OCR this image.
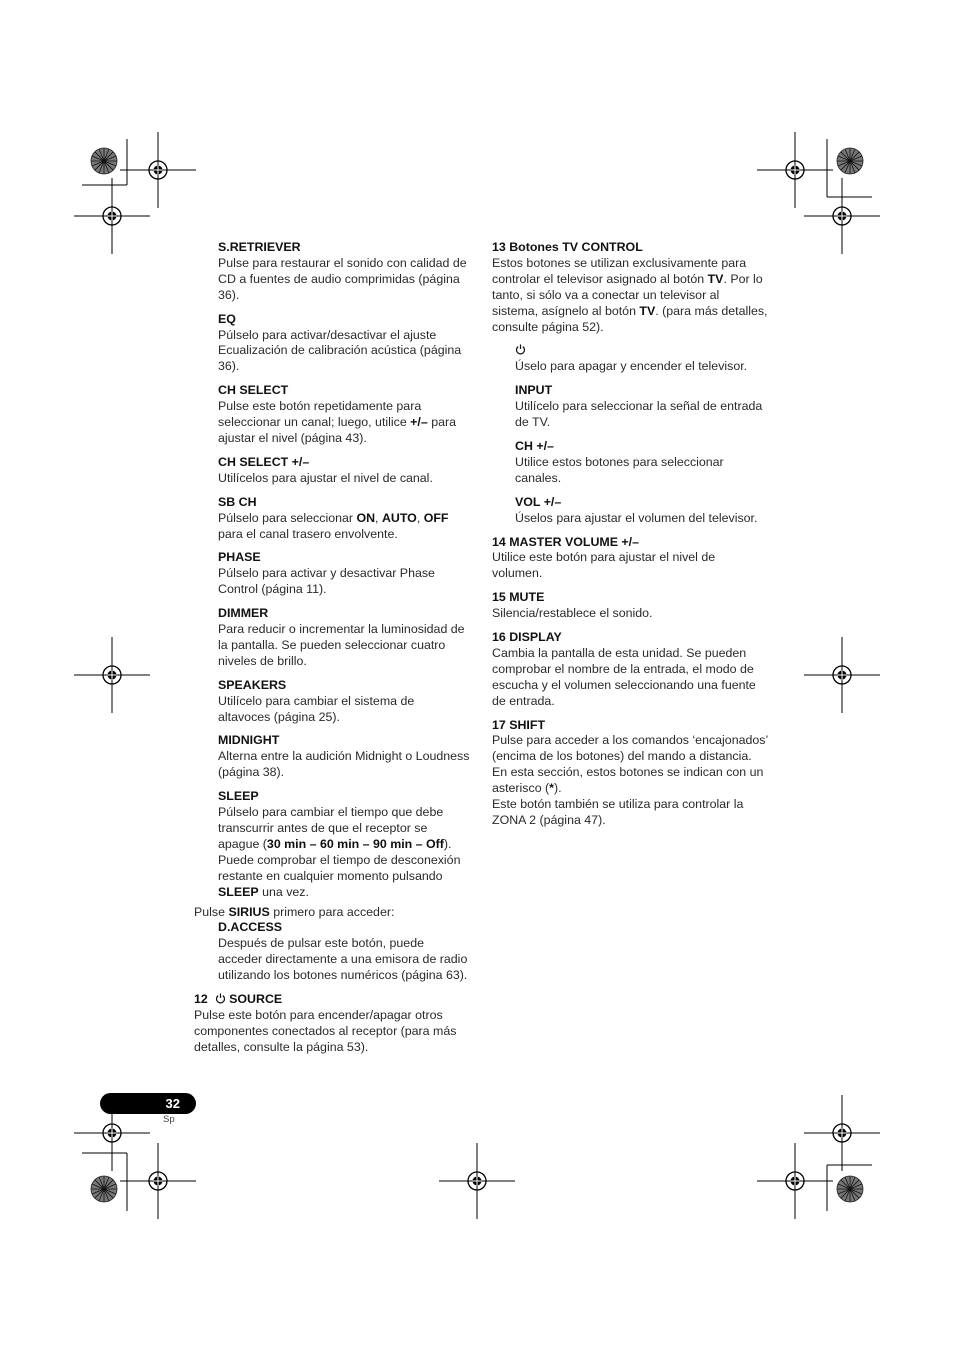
S.RETRIEVER

Pulse para restaurar el sonido con calidad de CD a fuentes de audio comprimidas (página 36).

EQ

Púlselo para activar/desactivar el ajuste Ecualización de calibración acústica (página 36).

CH SELECT

Pulse este botón repetidamente para seleccionar un canal; luego, utilice +/– para ajustar el nivel (página 43).

CH SELECT +/–

Utilícelos para ajustar el nivel de canal.

SB CH

Púlselo para seleccionar ON, AUTO, OFF para el canal trasero envolvente.

PHASE

Púlselo para activar y desactivar Phase Control (página 11).

DIMMER

Para reducir o incrementar la luminosidad de la pantalla. Se pueden seleccionar cuatro niveles de brillo.

SPEAKERS

Utilícelo para cambiar el sistema de altavoces (página 25).

MIDNIGHT

Alterna entre la audición Midnight o Loudness (página 38).

SLEEP

Púlselo para cambiar el tiempo que debe transcurrir antes de que el receptor se apague (30 min – 60 min – 90 min – Off). Puede comprobar el tiempo de desconexión restante en cualquier momento pulsando SLEEP una vez.

Pulse SIRIUS primero para acceder:

D.ACCESS

Después de pulsar este botón, puede acceder directamente a una emisora de radio utilizando los botones numéricos (página 63).

12 SOURCE

Pulse este botón para encender/apagar otros componentes conectados al receptor (para más detalles, consulte la página 53).

13 Botones TV CONTROL

Estos botones se utilizan exclusivamente para controlar el televisor asignado al botón TV. Por lo tanto, si sólo va a conectar un televisor al sistema, asígnelo al botón TV. (para más detalles, consulte página 52).

Úselo para apagar y encender el televisor.

INPUT

Utilícelo para seleccionar la señal de entrada de TV.

CH +/–

Utilice estos botones para seleccionar canales.

VOL +/–

Úselos para ajustar el volumen del televisor.

14 MASTER VOLUME +/–

Utilice este botón para ajustar el nivel de volumen.

15 MUTE

Silencia/restablece el sonido.

16 DISPLAY

Cambia la pantalla de esta unidad. Se pueden comprobar el nombre de la entrada, el modo de escucha y el volumen seleccionando una fuente de entrada.

17 SHIFT

Pulse para acceder a los comandos ‘encajonados’ (encima de los botones) del mando a distancia. En esta sección, estos botones se indican con un asterisco (*).

Este botón también se utiliza para controlar la ZONA 2 (página 47).

32
Sp
